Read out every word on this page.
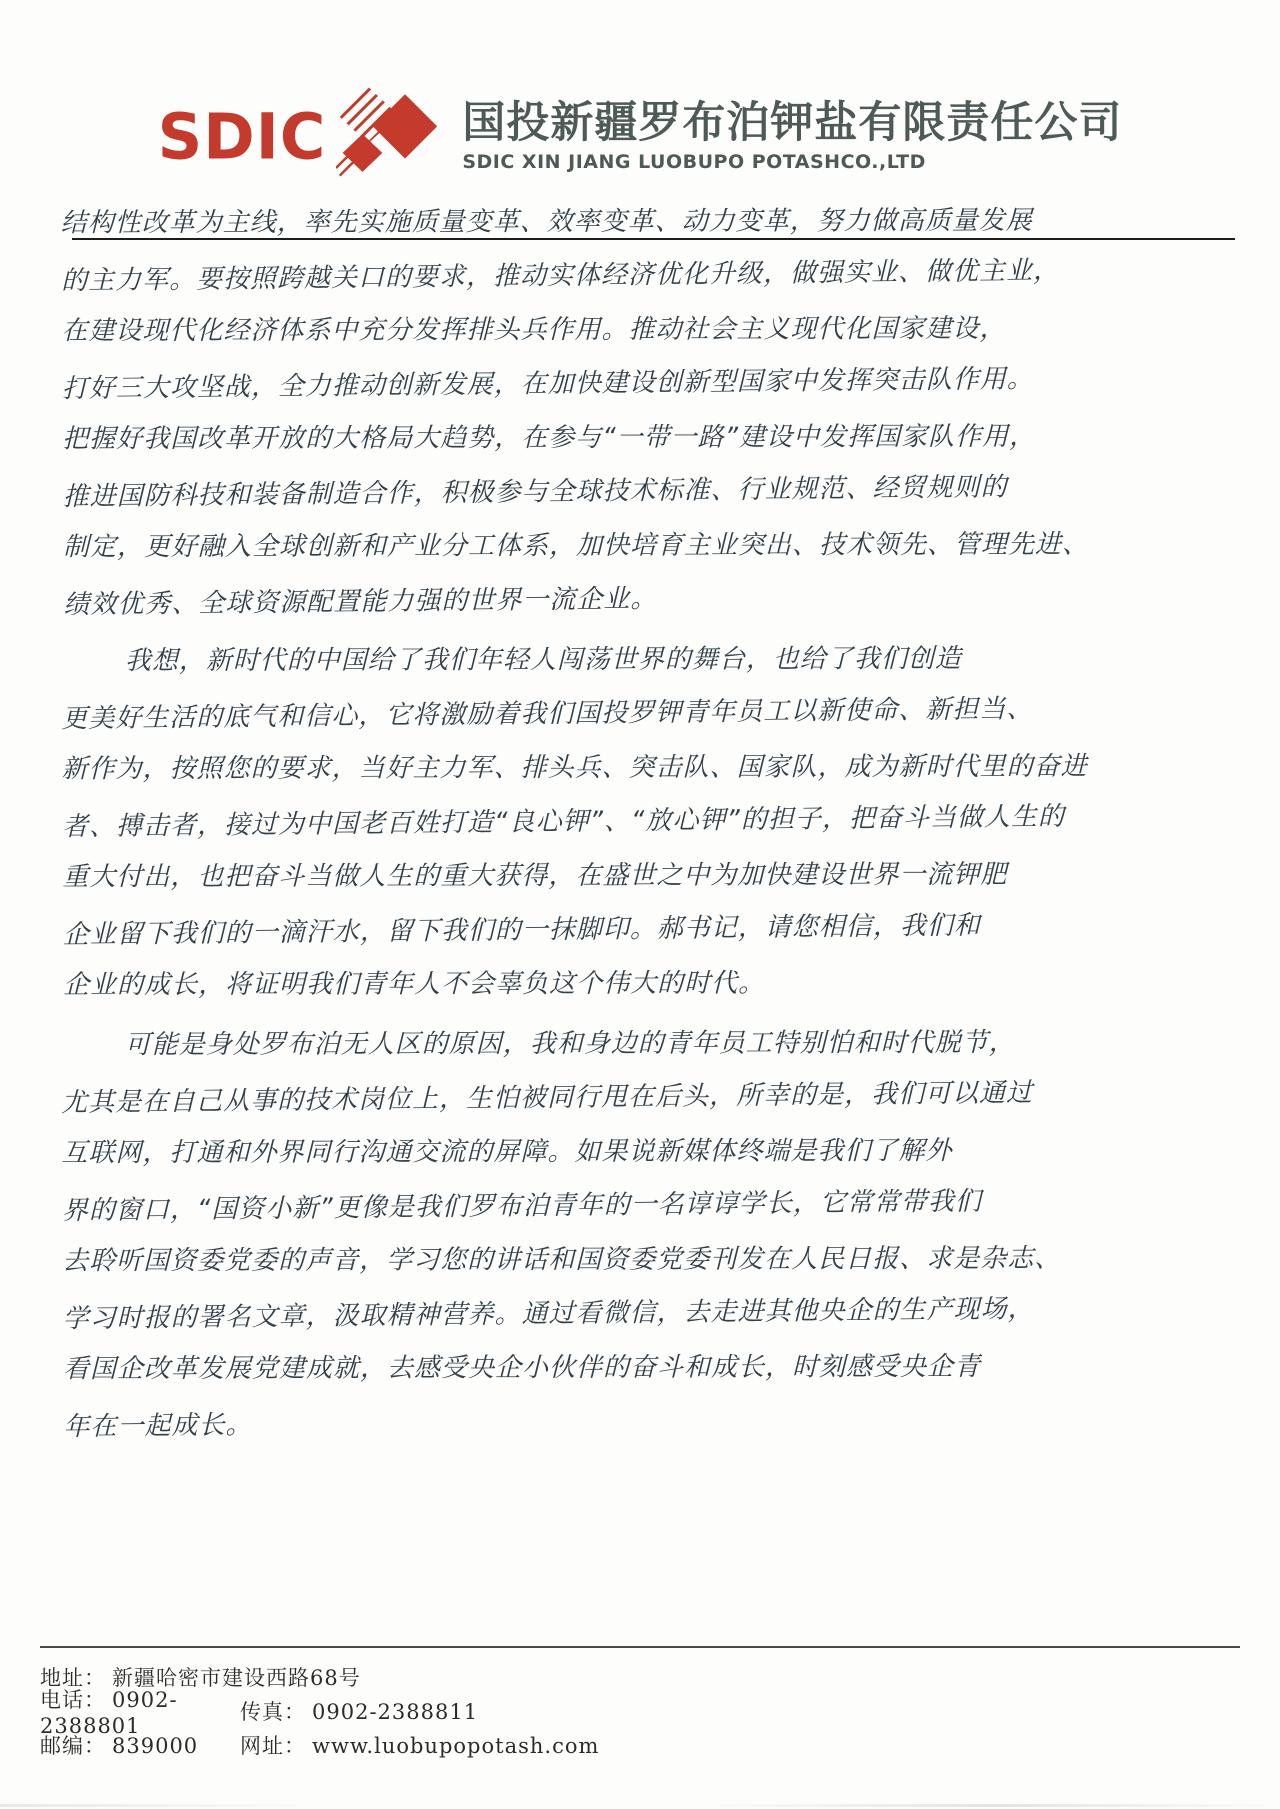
SDIC	国投新疆罗布泊钾盐有限责任公司
SDIC XIN JIANG LUOBUPO POTASHCO.,LTD
结构性改革为主线，率先实施质量变革、效率变革、动力变革，努力做高质量发展
的主力军。要按照跨越关口的要求，推动实体经济优化升级，做强实业、做优主业，
在建设现代化经济体系中充分发挥排头兵作用。推动社会主义现代化国家建设，
打好三大攻坚战，全力推动创新发展，在加快建设创新型国家中发挥突击队作用。
把握好我国改革开放的大格局大趋势，在参与“一带一路”建设中发挥国家队作用，
推进国防科技和装备制造合作，积极参与全球技术标准、行业规范、经贸规则的
制定，更好融入全球创新和产业分工体系，加快培育主业突出、技术领先、管理先进、
绩效优秀、全球资源配置能力强的世界一流企业。
我想，新时代的中国给了我们年轻人闯荡世界的舞台，也给了我们创造
更美好生活的底气和信心，它将激励着我们国投罗钾青年员工以新使命、新担当、
新作为，按照您的要求，当好主力军、排头兵、突击队、国家队，成为新时代里的奋进
者、搏击者，接过为中国老百姓打造“良心钾”、“放心钾”的担子，把奋斗当做人生的
重大付出，也把奋斗当做人生的重大获得，在盛世之中为加快建设世界一流钾肥
企业留下我们的一滴汗水，留下我们的一抹脚印。郝书记，请您相信，我们和
企业的成长，将证明我们青年人不会辜负这个伟大的时代。
可能是身处罗布泊无人区的原因，我和身边的青年员工特别怕和时代脱节，
尤其是在自己从事的技术岗位上，生怕被同行甩在后头，所幸的是，我们可以通过
互联网，打通和外界同行沟通交流的屏障。如果说新媒体终端是我们了解外
界的窗口，“国资小新”更像是我们罗布泊青年的一名谆谆学长，它常常带我们
去聆听国资委党委的声音，学习您的讲话和国资委党委刊发在人民日报、求是杂志、
学习时报的署名文章，汲取精神营养。通过看微信，去走进其他央企的生产现场，
看国企改革发展党建成就，去感受央企小伙伴的奋斗和成长，时刻感受央企青
年在一起成长。
地址： 新疆哈密市建设西路68号
电话： 0902-2388801
传真： 0902-2388811
邮编： 839000	网址： www.luobupopotash.com
